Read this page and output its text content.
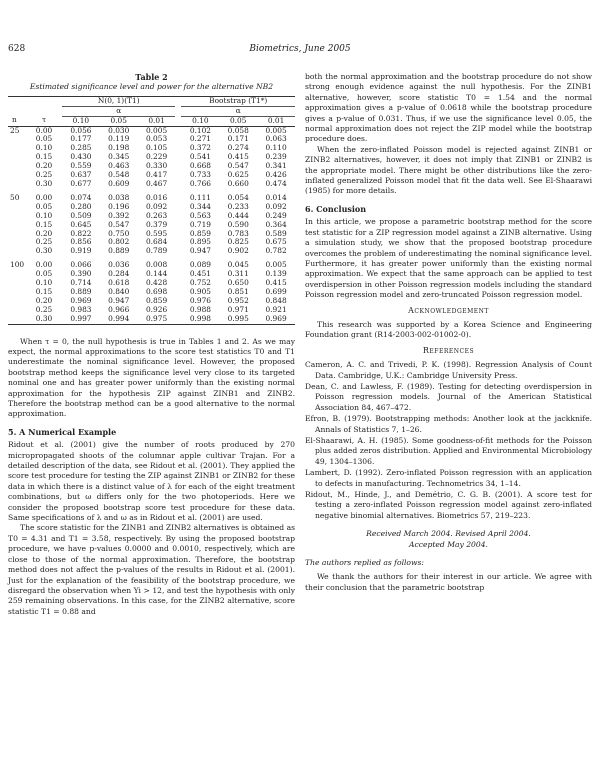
628	Biometrics, June 2005
Table 2
Estimated significance level and power for the alternative NB2
		N(0, 1)(T1)				Bootstrap (T1*)		
		α				α		
n	τ	0.10	0.05	0.01		0.10	0.05	0.01
25	0.00	0.056	0.030	0.005		0.102	0.058	0.005
	0.05	0.177	0.119	0.053		0.271	0.171	0.063
	0.10	0.285	0.198	0.105		0.372	0.274	0.110
	0.15	0.430	0.345	0.229		0.541	0.415	0.239
	0.20	0.559	0.463	0.330		0.668	0.547	0.341
	0.25	0.637	0.548	0.417		0.733	0.625	0.426
	0.30	0.677	0.609	0.467		0.766	0.660	0.474

50	0.00	0.074	0.038	0.016		0.111	0.054	0.014
	0.05	0.280	0.196	0.092		0.344	0.233	0.092
	0.10	0.509	0.392	0.263		0.563	0.444	0.249
	0.15	0.645	0.547	0.379		0.719	0.590	0.364
	0.20	0.822	0.750	0.595		0.859	0.783	0.589
	0.25	0.856	0.802	0.684		0.895	0.825	0.675
	0.30	0.919	0.889	0.789		0.947	0.902	0.782

100	0.00	0.066	0.036	0.008		0.089	0.045	0.005
	0.05	0.390	0.284	0.144		0.451	0.311	0.139
	0.10	0.714	0.618	0.428		0.752	0.650	0.415
	0.15	0.889	0.840	0.698		0.905	0.851	0.699
	0.20	0.969	0.947	0.859		0.976	0.952	0.848
	0.25	0.983	0.966	0.926		0.988	0.971	0.921
	0.30	0.997	0.994	0.975		0.998	0.995	0.969

When τ = 0, the null hypothesis is true in Tables 1 and 2. As we may expect, the normal approximations to the score test statistics T0 and T1 underestimate the nominal significance level. However, the proposed bootstrap method keeps the significance level very close to its targeted nominal one and has greater power uniformly than the existing normal approximation for the hypothesis ZIP against ZINB1 and ZINB2. Therefore the bootstrap method can be a good alternative to the normal approximation.

5. A Numerical Example

Ridout et al. (2001) give the number of roots produced by 270 micropropagated shoots of the columnar apple cultivar Trajan. For a detailed description of the data, see Ridout et al. (2001). They applied the score test procedure for testing the ZIP against ZINB1 or ZINB2 for these data in which there is a distinct value of λ for each of the eight treatment combinations, but ω differs only for the two photoperiods. Here we consider the proposed bootstrap score test procedure for these data. Same specifications of λ and ω as in Ridout et al. (2001) are used.

The score statistic for the ZINB1 and ZINB2 alternatives is obtained as T0 = 4.31 and T1 = 3.58, respectively. By using the proposed bootstrap procedure, we have p-values 0.0000 and 0.0010, respectively, which are close to those of the normal approximation. Therefore, the bootstrap method does not affect the p-values of the results in Ridout et al. (2001). Just for the explanation of the feasibility of the bootstrap procedure, we disregard the observation when Yi > 12, and test the hypothesis with only 259 remaining observations. In this case, for the ZINB2 alternative, score statistic T1 = 0.88 and

both the normal approximation and the bootstrap procedure do not show strong enough evidence against the null hypothesis. For the ZINB1 alternative, however, score statistic T0 = 1.54 and the normal approximation gives a p-value of 0.0618 while the bootstrap procedure gives a p-value of 0.031. Thus, if we use the significance level 0.05, the normal approximation does not reject the ZIP model while the bootstrap procedure does.

When the zero-inflated Poisson model is rejected against ZINB1 or ZINB2 alternatives, however, it does not imply that ZINB1 or ZINB2 is the appropriate model. There might be other distributions like the zero-inflated generalized Poisson model that fit the data well. See El-Shaarawi (1985) for more details.

6. Conclusion

In this article, we propose a parametric bootstrap method for the score test statistic for a ZIP regression model against a ZINB alternative. Using a simulation study, we show that the proposed bootstrap procedure overcomes the problem of underestimating the nominal significance level. Furthermore, it has greater power uniformly than the existing normal approximation. We expect that the same approach can be applied to test overdispersion in other Poisson regression models including the standard Poisson regression model and zero-truncated Poisson regression model.

Acknowledgement

This research was supported by a Korea Science and Engineering Foundation grant (R14-2003-002-01002-0).

References
Cameron, A. C. and Trivedi, P. K. (1998). Regression Analysis of Count Data. Cambridge, U.K.: Cambridge University Press.
Dean, C. and Lawless, F. (1989). Testing for detecting overdispersion in Poisson regression models. Journal of the American Statistical Association 84, 467–472.
Efron, B. (1979). Bootstrapping methods: Another look at the jackknife. Annals of Statistics 7, 1–26.
El-Shaarawi, A. H. (1985). Some goodness-of-fit methods for the Poisson plus added zeros distribution. Applied and Environmental Microbiology 49, 1304–1306.
Lambert, D. (1992). Zero-inflated Poisson regression with an application to defects in manufacturing. Technometrics 34, 1–14.
Ridout, M., Hinde, J., and Demétrio, C. G. B. (2001). A score test for testing a zero-inflated Poisson regression model against zero-inflated negative binomial alternatives. Biometrics 57, 219–223.
Received March 2004. Revised April 2004.
Accepted May 2004.
The authors replied as follows:

We thank the authors for their interest in our article. We agree with their conclusion that the parametric bootstrap
